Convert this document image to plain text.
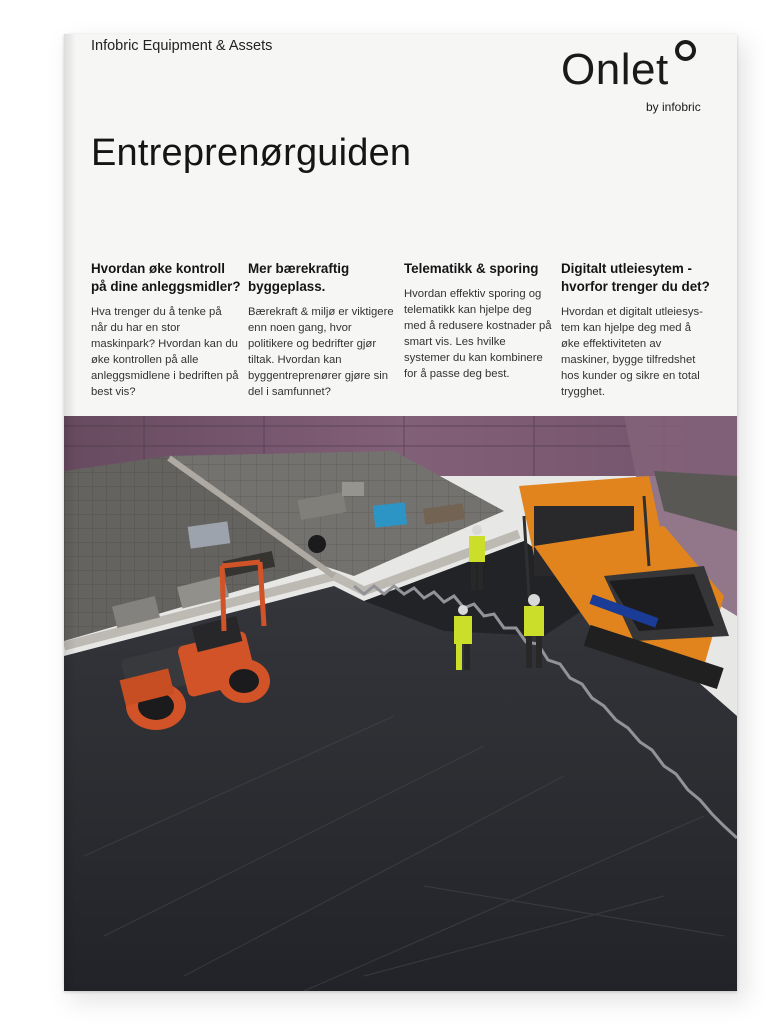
Infobric Equipment & Assets	Onlet
by infobric
Entreprenørguiden
Hvordan øke kontroll på dine anleggsmidler?

Hva trenger du å tenke på når du har en stor maskinpark? Hvordan kan du øke kontrollen på alle anleggsmidlene i bedriften på best vis?

Mer bærekraftig byggeplass.

Bærekraft & miljø er viktigere enn noen gang, hvor politikere og bedrifter gjør tiltak. Hvordan kan byggentreprenører gjøre sin del i samfunnet?

Telematikk & sporing

Hvordan effektiv sporing og telematikk kan hjelpe deg med å redusere kostnader på smart vis. Les hvilke systemer du kan kombinere for å passe deg best.

Digitalt utleiesytem - hvorfor trenger du det?

Hvordan et digitalt utleiesystem kan hjelpe deg med å øke effektiviteten av maskiner, bygge tilfredshet hos kunder og sikre en total trygghet.
